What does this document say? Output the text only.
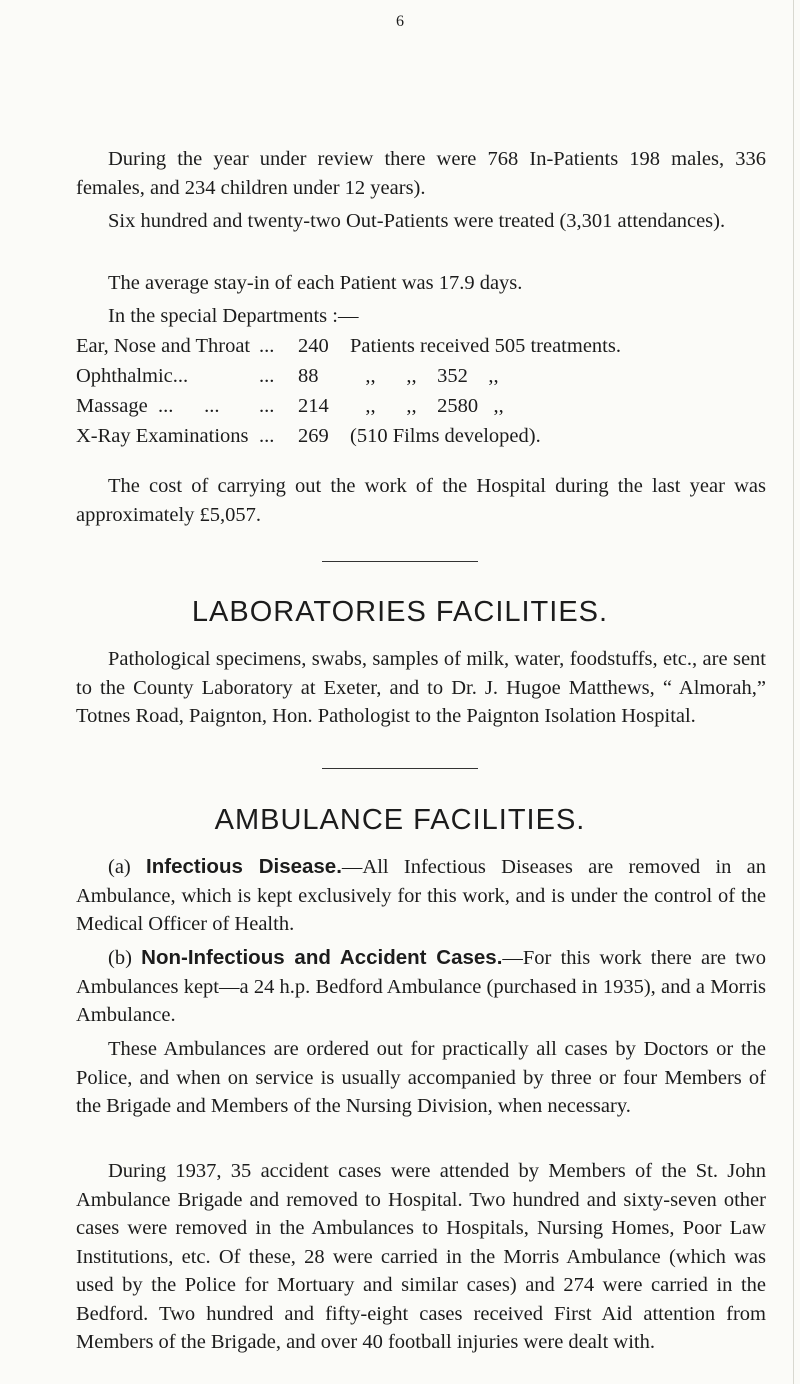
6

During the year under review there were 768 In-Patients 198 males, 336 females, and 234 children under 12 years).

Six hundred and twenty-two Out-Patients were treated (3,301 attendances).

The average stay-in of each Patient was 17.9 days.

In the special Departments :—

Ear, Nose and Throat ... 240 Patients received 505 treatments.
Ophthalmic...	... 88 ,,      ,,    352    ,,
Massage  ...      ... ... 214 ,,      ,,    2580   ,,
X-Ray Examinations ... 269 (510 Films developed).

The cost of carrying out the work of the Hospital during the last year was approximately £5,057.

LABORATORIES FACILITIES.

Pathological specimens, swabs, samples of milk, water, foodstuffs, etc., are sent to the County Laboratory at Exeter, and to Dr. J. Hugoe Matthews, “ Almorah,” Totnes Road, Paignton, Hon. Pathologist to the Paignton Isolation Hospital.

AMBULANCE FACILITIES.

(a) Infectious Disease.—All Infectious Diseases are removed in an Ambulance, which is kept exclusively for this work, and is under the control of the Medical Officer of Health.

(b) Non-Infectious and Accident Cases.—For this work there are two Ambulances kept—a 24 h.p. Bedford Ambulance (purchased in 1935), and a Morris Ambulance.

These Ambulances are ordered out for practically all cases by Doctors or the Police, and when on service is usually accompanied by three or four Members of the Brigade and Members of the Nursing Division, when necessary.

During 1937, 35 accident cases were attended by Members of the St. John Ambulance Brigade and removed to Hospital. Two hundred and sixty-seven other cases were removed in the Ambulances to Hospitals, Nursing Homes, Poor Law Institutions, etc. Of these, 28 were carried in the Morris Ambulance (which was used by the Police for Mortuary and similar cases) and 274 were carried in the Bedford. Two hundred and fifty-eight cases received First Aid attention from Members of the Brigade, and over 40 football injuries were dealt with.
